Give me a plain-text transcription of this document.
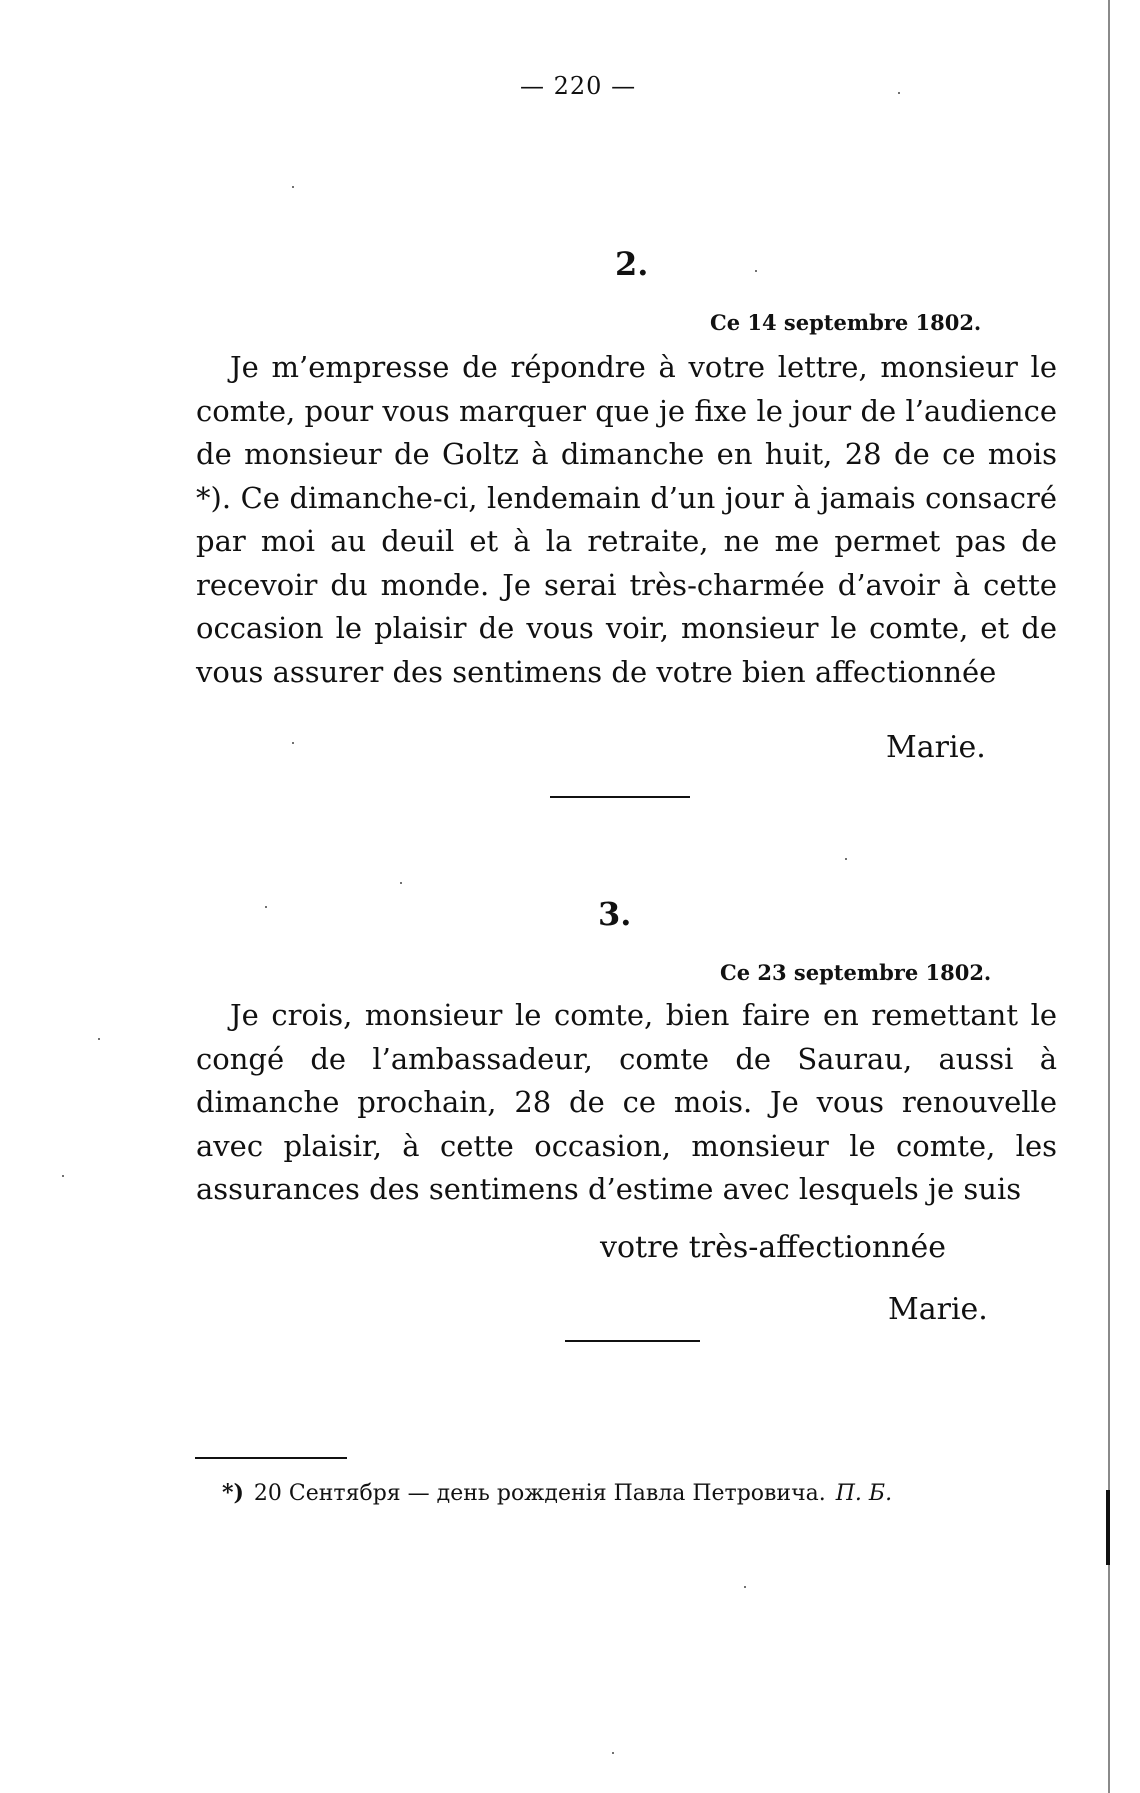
— 220 —
2.
Ce 14 septembre 1802.
Je m’empresse de répondre à votre lettre, monsieur le comte, pour vous marquer que je fixe le jour de l’audience de monsieur de Goltz à dimanche en huit, 28 de ce mois *). Ce dimanche-ci, lendemain d’un jour à jamais consacré par moi au deuil et à la retraite, ne me permet pas de recevoir du monde. Je serai très-charmée d’avoir à cette occasion le plaisir de vous voir, monsieur le comte, et de vous assurer des sentimens de votre bien affectionnée
Marie.
3.
Ce 23 septembre 1802.
Je crois, monsieur le comte, bien faire en remettant le congé de l’ambassadeur, comte de Saurau, aussi à dimanche prochain, 28 de ce mois. Je vous renouvelle avec plaisir, à cette occasion, monsieur le comte, les assurances des sentimens d’estime avec lesquels je suis
votre très-affectionnée
Marie.
*) 20 Сентября — день рожденія Павла Петровича. П. Б.
